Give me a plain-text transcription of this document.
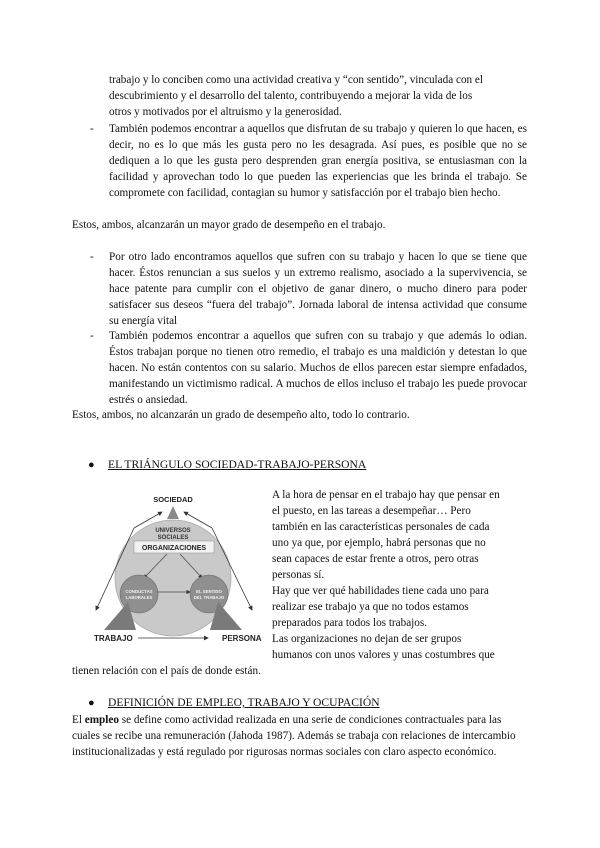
trabajo y lo conciben como una actividad creativa y “con sentido”, vinculada con el

descubrimiento y el desarrollo del talento, contribuyendo a mejorar la vida de los

otros y motivados por el altruismo y la generosidad.

- También podemos encontrar a aquellos que disfrutan de su trabajo y quieren lo que hacen, es decir, no es lo que más les gusta pero no les desagrada. Así pues, es posible que no se dediquen a lo que les gusta pero desprenden gran energía positiva, se entusiasman con la facilidad y aprovechan todo lo que pueden las experiencias que les brinda el trabajo. Se compromete con facilidad, contagian su humor y satisfacción por el trabajo bien hecho.

Estos, ambos, alcanzarán un mayor grado de desempeño en el trabajo.

- Por otro lado encontramos aquellos que sufren con su trabajo y hacen lo que se tiene que hacer. Éstos renuncian a sus suelos y un extremo realismo, asociado a la supervivencia, se hace patente para cumplir con el objetivo de ganar dinero, o mucho dinero para poder satisfacer sus deseos “fuera del trabajo”. Jornada laboral de intensa actividad que consume su energía vital

- También podemos encontrar a aquellos que sufren con su trabajo y que además lo odian. Éstos trabajan porque no tienen otro remedio, el trabajo es una maldición y detestan lo que hacen. No están contentos con su salario. Muchos de ellos parecen estar siempre enfadados, manifestando un victimismo radical. A muchos de ellos incluso el trabajo les puede provocar estrés o ansiedad.

Estos, ambos, no alcanzarán un grado de desempeño alto, todo lo contrario.

●	EL TRIÁNGULO SOCIEDAD-TRABAJO-PERSONA
SOCIEDAD
UNIVERSOS
SOCIALES
ORGANIZACIONES
CONDUCTAS
LABORALES
EL SENTIDO
DEL TRABAJO
TRABAJO	PERSONA

A la hora de pensar en el trabajo hay que pensar en

el puesto, en las tareas a desempeñar… Pero

también en las características personales de cada

uno ya que, por ejemplo, habrá personas que no

sean capaces de estar frente a otros, pero otras

personas sí.

Hay que ver qué habilidades tiene cada uno para

realizar ese trabajo ya que no todos estamos

preparados para todos los trabajos.

Las organizaciones no dejan de ser grupos

humanos con unos valores y unas costumbres que

tienen relación con el país de donde están.

●	DEFINICIÓN DE EMPLEO, TRABAJO Y OCUPACIÓN

El empleo se define como actividad realizada en una serie de condiciones contractuales para las cuales se recibe una remuneración (Jahoda 1987). Además se trabaja con relaciones de intercambio institucionalizadas y está regulado por rigurosas normas sociales con claro aspecto económico.
